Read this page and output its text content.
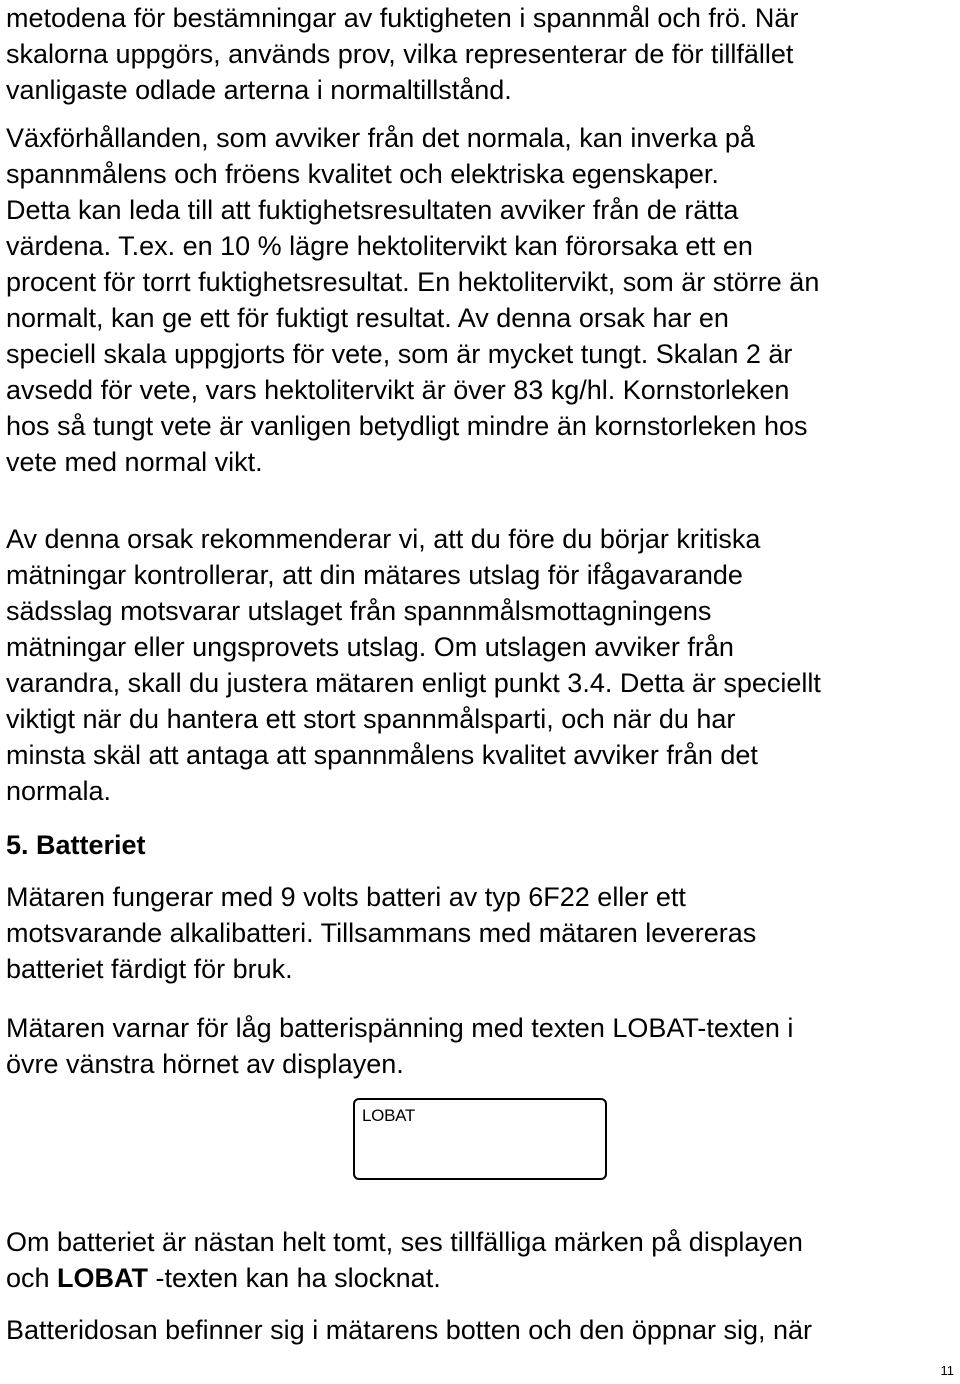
metodena för bestämningar av fuktigheten i spannmål och frö. När
skalorna uppgörs, används prov, vilka representerar de för tillfället
vanligaste odlade arterna i normaltillstånd.

Växförhållanden, som avviker från det normala, kan inverka på
spannmålens och fröens kvalitet och elektriska egenskaper.
Detta kan leda till att fuktighetsresultaten avviker från de rätta
värdena. T.ex. en 10 % lägre hektolitervikt kan förorsaka ett en
procent för torrt fuktighetsresultat. En hektolitervikt, som är större än
normalt, kan ge ett för fuktigt resultat. Av denna orsak har en
speciell skala uppgjorts för vete, som är mycket tungt. Skalan 2 är
avsedd för vete, vars hektolitervikt är över 83 kg/hl. Kornstorleken
hos så tungt vete är vanligen betydligt mindre än kornstorleken hos
vete med normal vikt.

Av denna orsak rekommenderar vi, att du före du börjar kritiska
mätningar kontrollerar, att din mätares utslag för ifågavarande
sädsslag motsvarar utslaget från spannmålsmottagningens
mätningar eller ungsprovets utslag. Om utslagen avviker från
varandra, skall du justera mätaren enligt punkt 3.4. Detta är speciellt
viktigt när du hantera ett stort spannmålsparti, och när du har
minsta skäl att antaga att spannmålens kvalitet avviker från det
normala.

5. Batteriet

Mätaren fungerar med 9 volts batteri av typ 6F22 eller ett
motsvarande alkalibatteri. Tillsammans med mätaren levereras
batteriet färdigt för bruk.

Mätaren varnar för låg batterispänning med texten LOBAT-texten i
övre vänstra hörnet av displayen.

LOBAT

Om batteriet är nästan helt tomt, ses tillfälliga märken på displayen
och LOBAT -texten kan ha slocknat.

Batteridosan befinner sig i mätarens botten och den öppnar sig, när

11
